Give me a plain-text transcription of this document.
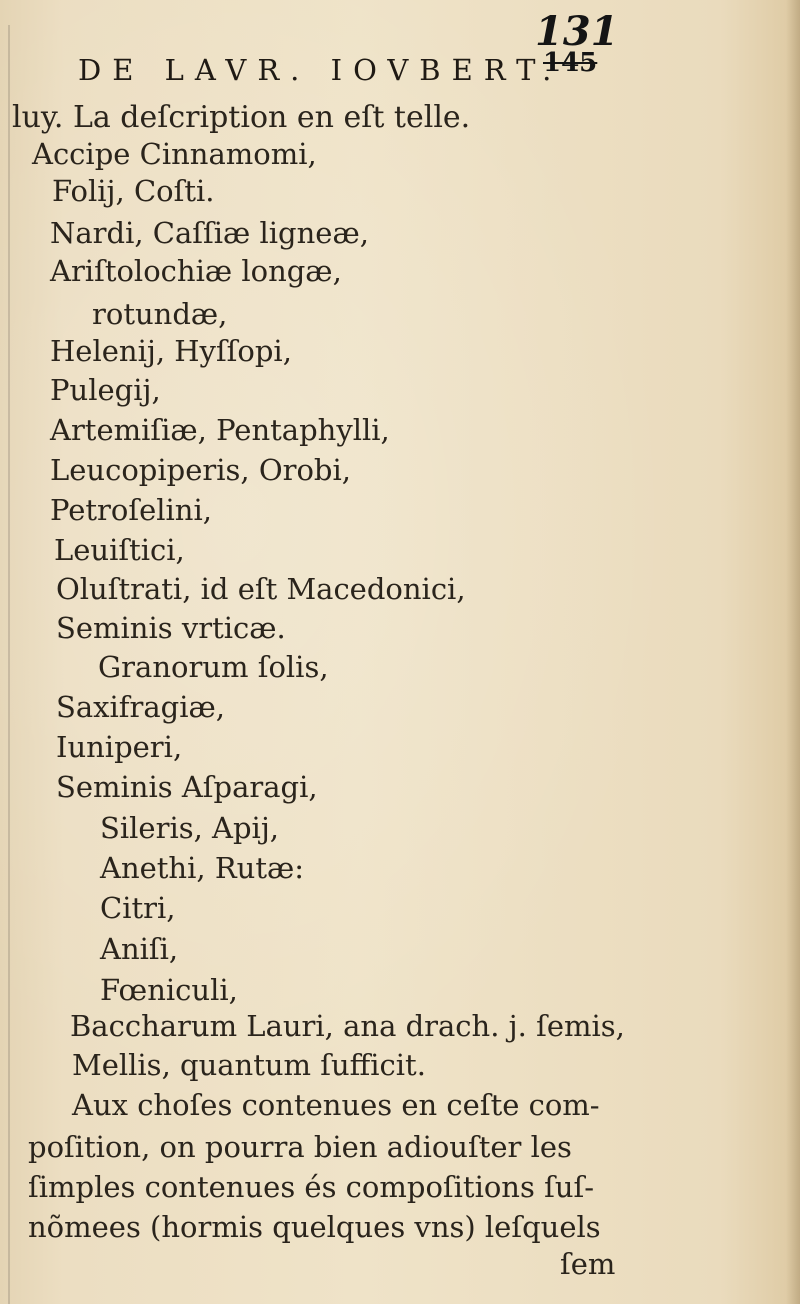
DE LAVR. IOVBERT.
131
145
luy. La deſcription en eſt telle.
Accipe Cinnamomi,
Folij, Coſti.
Nardi, Caſſiæ ligneæ,
Ariſtolochiæ longæ,
rotundæ,
Helenij, Hyſſopi,
Pulegij,
Artemiſiæ, Pentaphylli,
Leucopiperis, Orobi,
Petroſelini,
Leuiſtici,
Oluſtrati, id eſt Macedonici,
Seminis vrticæ.
Granorum ſolis,
Saxifragiæ,
Iuniperi,
Seminis Aſparagi,
Sileris, Apij,
Anethi, Rutæ:
Citri,
Aniſi,
Fœniculi,
Baccharum Lauri, ana drach. j. ſemis,
Mellis, quantum ſufficit.
Aux choſes contenues en ceſte com-
poſition, on pourra bien adiouſter les
ſimples contenues és compoſitions ſuſ-
nõmees (hormis quelques vns) leſquels
ſem
